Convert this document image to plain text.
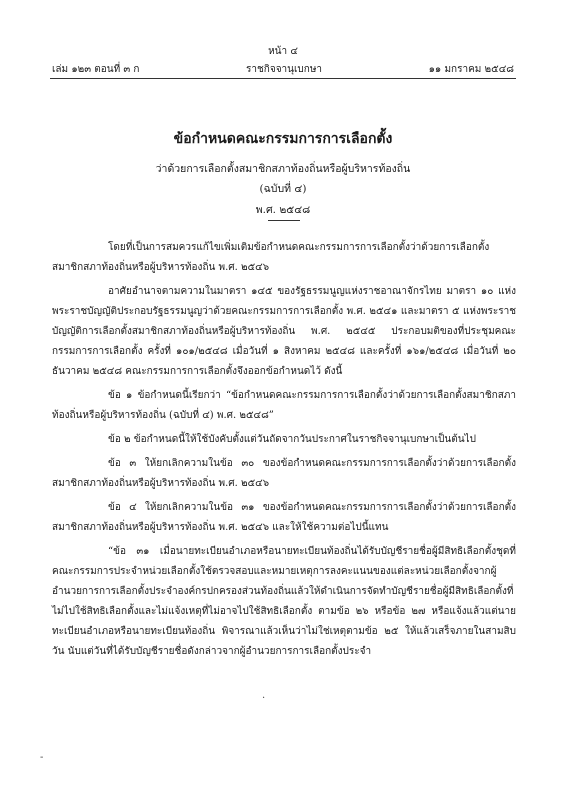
หน้า ๔
เล่ม ๑๒๓ ตอนที่ ๓ ก	ราชกิจจานุเบกษา	๑๑ มกราคม ๒๕๔๘
ข้อกำหนดคณะกรรมการการเลือกตั้ง
ว่าด้วยการเลือกตั้งสมาชิกสภาท้องถิ่นหรือผู้บริหารท้องถิ่น
(ฉบับที่ ๔)
พ.ศ. ๒๕๔๘

โดยที่เป็นการสมควรแก้ไขเพิ่มเติมข้อกำหนดคณะกรรมการการเลือกตั้งว่าด้วยการเลือกตั้งสมาชิกสภาท้องถิ่นหรือผู้บริหารท้องถิ่น พ.ศ. ๒๕๔๖

อาศัยอำนาจตามความในมาตรา ๑๔๕ ของรัฐธรรมนูญแห่งราชอาณาจักรไทย มาตรา ๑๐ แห่งพระราชบัญญัติประกอบรัฐธรรมนูญว่าด้วยคณะกรรมการการเลือกตั้ง พ.ศ. ๒๕๔๑ และมาตรา ๕ แห่งพระราชบัญญัติการเลือกตั้งสมาชิกสภาท้องถิ่นหรือผู้บริหารท้องถิ่น พ.ศ. ๒๕๔๕ ประกอบมติของที่ประชุมคณะกรรมการการเลือกตั้ง ครั้งที่ ๑๐๑/๒๕๔๘ เมื่อวันที่ ๑ สิงหาคม ๒๕๔๘ และครั้งที่ ๑๖๑/๒๕๔๘ เมื่อวันที่ ๒๐ ธันวาคม ๒๕๔๘ คณะกรรมการการเลือกตั้งจึงออกข้อกำหนดไว้ ดังนี้

ข้อ ๑ ข้อกำหนดนี้เรียกว่า “ข้อกำหนดคณะกรรมการการเลือกตั้งว่าด้วยการเลือกตั้งสมาชิกสภาท้องถิ่นหรือผู้บริหารท้องถิ่น (ฉบับที่ ๔) พ.ศ. ๒๕๔๘”

ข้อ ๒ ข้อกำหนดนี้ให้ใช้บังคับตั้งแต่วันถัดจากวันประกาศในราชกิจจานุเบกษาเป็นต้นไป

ข้อ ๓ ให้ยกเลิกความในข้อ ๓๐ ของข้อกำหนดคณะกรรมการการเลือกตั้งว่าด้วยการเลือกตั้งสมาชิกสภาท้องถิ่นหรือผู้บริหารท้องถิ่น พ.ศ. ๒๕๔๖

ข้อ ๔ ให้ยกเลิกความในข้อ ๓๑ ของข้อกำหนดคณะกรรมการการเลือกตั้งว่าด้วยการเลือกตั้งสมาชิกสภาท้องถิ่นหรือผู้บริหารท้องถิ่น พ.ศ. ๒๕๔๖ และให้ใช้ความต่อไปนี้แทน

“ข้อ ๓๑ เมื่อนายทะเบียนอำเภอหรือนายทะเบียนท้องถิ่นได้รับบัญชีรายชื่อผู้มีสิทธิเลือกตั้งชุดที่คณะกรรมการประจำหน่วยเลือกตั้งใช้ตรวจสอบและหมายเหตุการลงคะแนนของแต่ละหน่วยเลือกตั้งจากผู้อำนวยการการเลือกตั้งประจำองค์กรปกครองส่วนท้องถิ่นแล้วให้ดำเนินการจัดทำบัญชีรายชื่อผู้มีสิทธิเลือกตั้งที่ไม่ไปใช้สิทธิเลือกตั้งและไม่แจ้งเหตุที่ไม่อาจไปใช้สิทธิเลือกตั้ง ตามข้อ ๒๖ หรือข้อ ๒๗ หรือแจ้งแล้วแต่นายทะเบียนอำเภอหรือนายทะเบียนท้องถิ่น พิจารณาแล้วเห็นว่าไม่ใช่เหตุตามข้อ ๒๕ ให้แล้วเสร็จภายในสามสิบวัน นับแต่วันที่ได้รับบัญชีรายชื่อดังกล่าวจากผู้อำนวยการการเลือกตั้งประจำ

.
-
